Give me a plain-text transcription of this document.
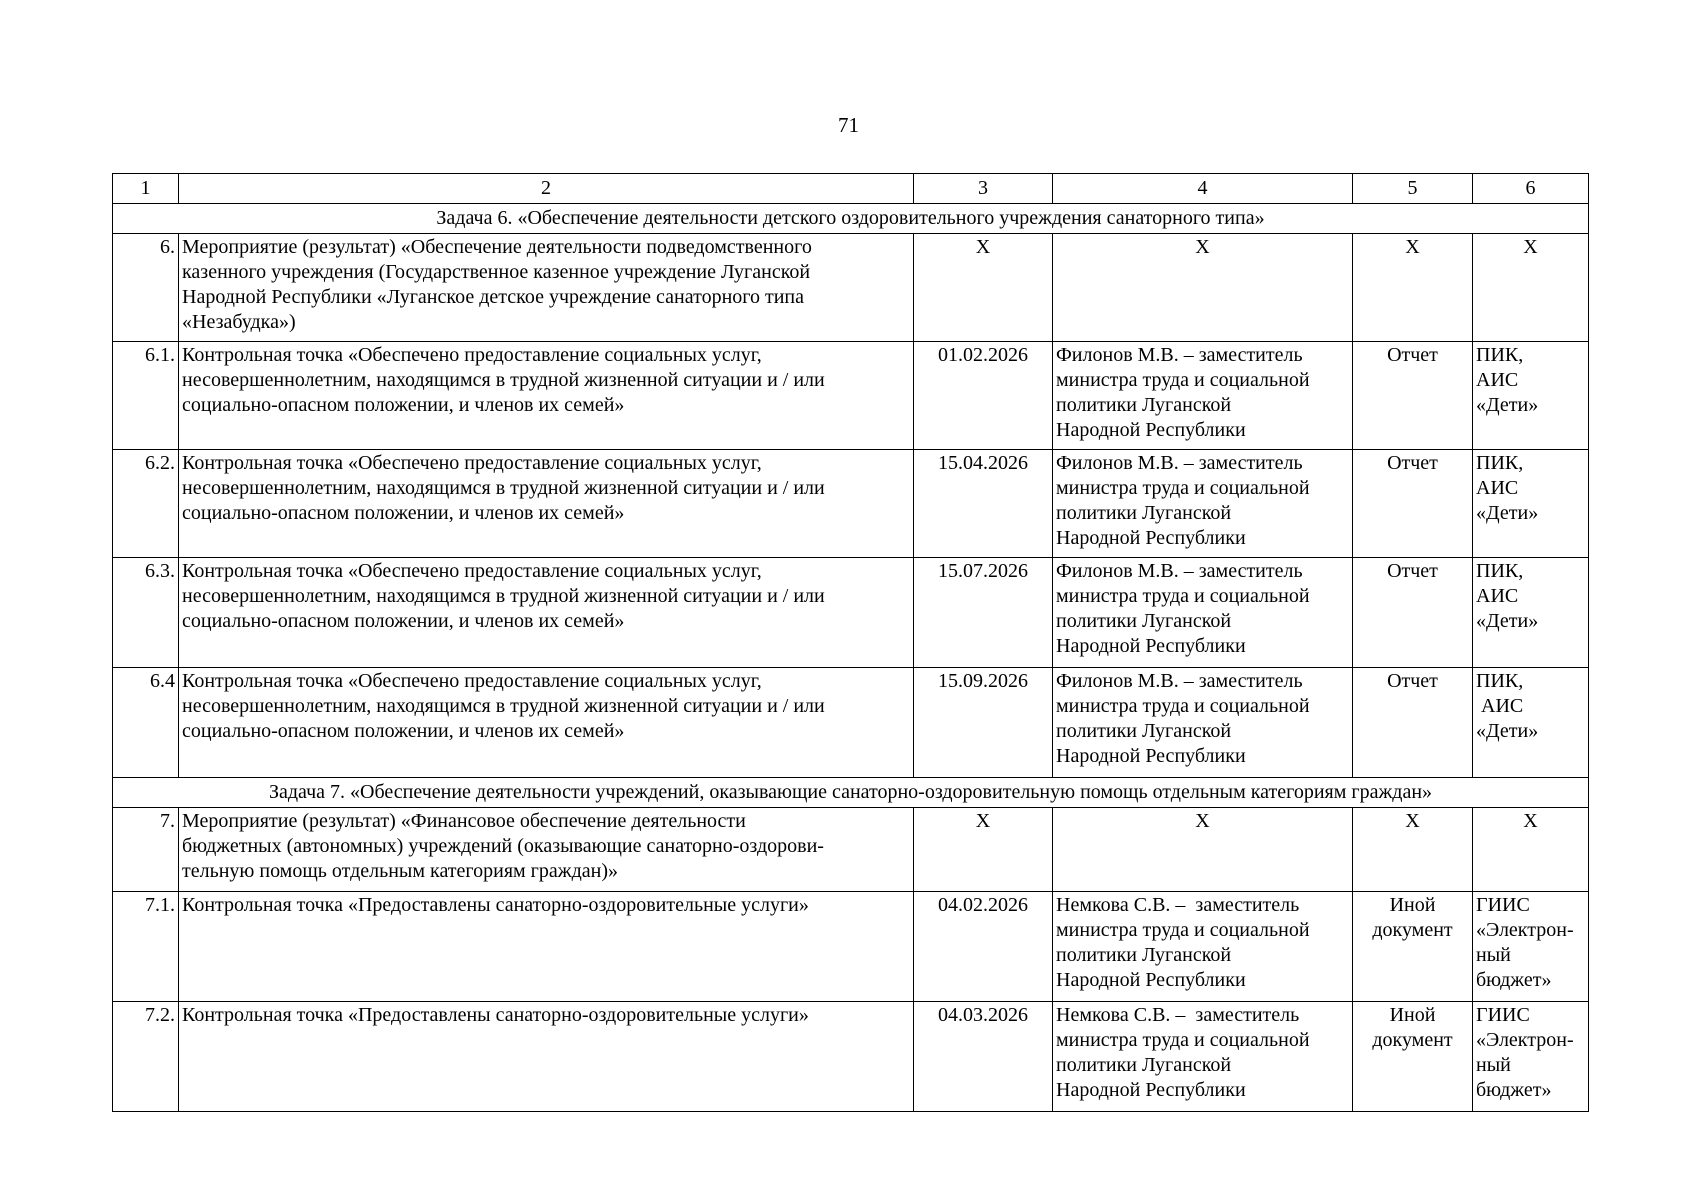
71
1	2	3	4	5	6
Задача 6. «Обеспечение деятельности детского оздоровительного учреждения санаторного типа»					
6.	Мероприятие (результат) «Обеспечение деятельности подведомственного
казенного учреждения (Государственное казенное учреждение Луганской
Народной Республики «Луганское детское учреждение санаторного типа
«Незабудка»)	Х	Х	Х	Х
6.1.	Контрольная точка «Обеспечено предоставление социальных услуг,
несовершеннолетним, находящимся в трудной жизненной ситуации и / или
социально-опасном положении, и членов их семей»	01.02.2026	Филонов М.В. – заместитель
министра труда и социальной
политики Луганской
Народной Республики	Отчет	ПИК,
АИС
«Дети»

6.2.	Контрольная точка «Обеспечено предоставление социальных услуг,
несовершеннолетним, находящимся в трудной жизненной ситуации и / или
социально-опасном положении, и членов их семей»	15.04.2026	Филонов М.В. – заместитель
министра труда и социальной
политики Луганской
Народной Республики	Отчет	ПИК,
АИС
«Дети»

6.3.	Контрольная точка «Обеспечено предоставление социальных услуг,
несовершеннолетним, находящимся в трудной жизненной ситуации и / или
социально-опасном положении, и членов их семей»	15.07.2026	Филонов М.В. – заместитель
министра труда и социальной
политики Луганской
Народной Республики	Отчет	ПИК,
АИС
«Дети»

6.4	Контрольная точка «Обеспечено предоставление социальных услуг,
несовершеннолетним, находящимся в трудной жизненной ситуации и / или
социально-опасном положении, и членов их семей»	15.09.2026	Филонов М.В. – заместитель
министра труда и социальной
политики Луганской
Народной Республики	Отчет	ПИК,
АИС
«Дети»

Задача 7. «Обеспечение деятельности учреждений, оказывающие санаторно-оздоровительную помощь отдельным категориям граждан»					
7.	Мероприятие (результат) «Финансовое обеспечение деятельности
бюджетных (автономных) учреждений (оказывающие санаторно-оздорови-
тельную помощь отдельным категориям граждан)»	Х	Х	Х	Х
7.1.	Контрольная точка «Предоставлены санаторно-оздоровительные услуги»	04.02.2026	Немкова С.В. –  заместитель
министра труда и социальной
политики Луганской
Народной Республики	Иной
документ	ГИИС
«Электрон-
ный
бюджет»

7.2.	Контрольная точка «Предоставлены санаторно-оздоровительные услуги»	04.03.2026	Немкова С.В. –  заместитель
министра труда и социальной
политики Луганской
Народной Республики	Иной
документ	ГИИС
«Электрон-
ный
бюджет»
